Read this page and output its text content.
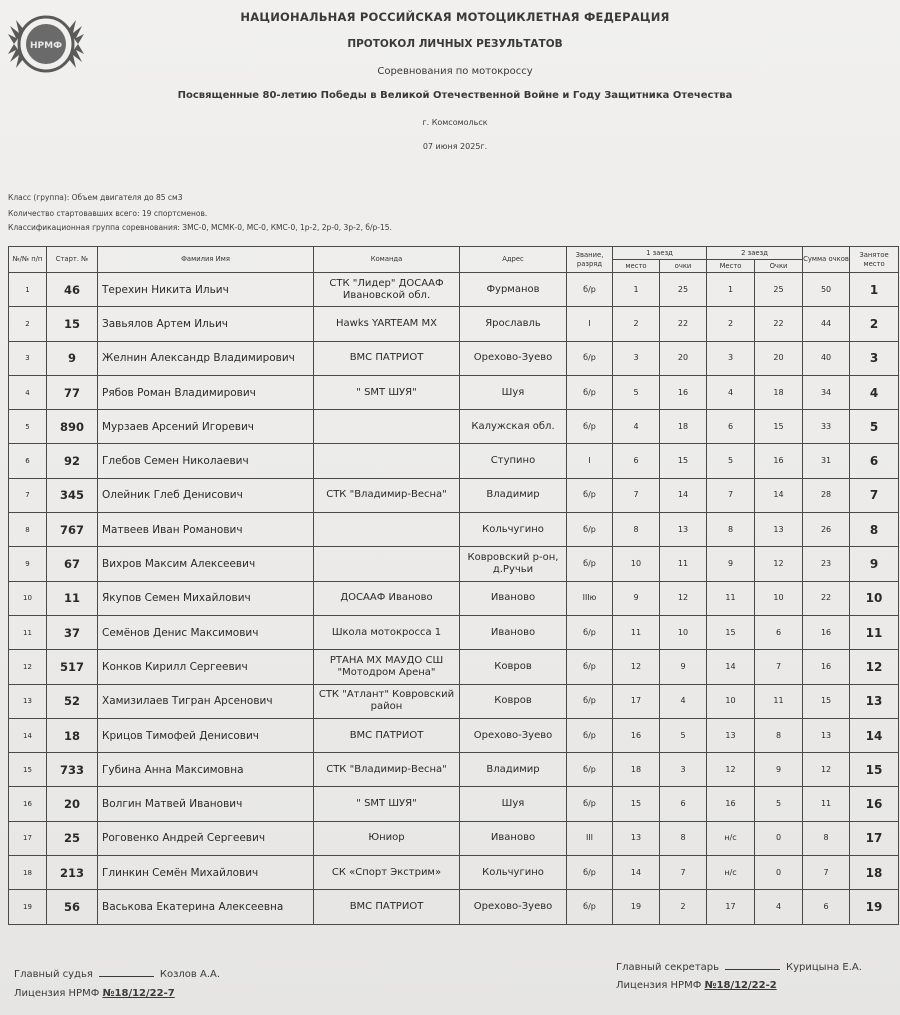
НРМФ
НАЦИОНАЛЬНАЯ РОССИЙСКАЯ МОТОЦИКЛЕТНАЯ ФЕДЕРАЦИЯ
ПРОТОКОЛ ЛИЧНЫХ РЕЗУЛЬТАТОВ
Соревнования по мотокроссу
Посвященные 80-летию Победы в Великой Отечественной Войне и Году Защитника Отечества
г. Комсомольск
07 июня 2025г.
Класс (группа): Объем двигателя до 85 см3
Количество стартовавших всего: 19 спортсменов.
Классификационная группа соревнования: ЗМС-0, МСМК-0, МС-0, КМС-0, 1р-2, 2р-0, 3р-2, б/р-15.
№/№ п/п	Старт. №	Фамилия Имя	Команда	Адрес	Звание, разряд	1 заезд		2 заезд		Сумма очков	Занятое место
						место	очки	Место	Очки		
1	46	Терехин Никита Ильич	СТК "Лидер" ДОСААФ Ивановской обл.	Фурманов	б/р	1	25	1	25	50	1
2	15	Завьялов Артем Ильич	Hawks YARTEAM MX	Ярославль	I	2	22	2	22	44	2
3	9	Желнин Александр Владимирович	ВМС ПАТРИОТ	Орехово-Зуево	б/р	3	20	3	20	40	3
4	77	Рябов Роман Владимирович	" SMT ШУЯ"	Шуя	б/р	5	16	4	18	34	4
5	890	Мурзаев Арсений Игоревич		Калужская обл.	б/р	4	18	6	15	33	5
6	92	Глебов Семен Николаевич		Ступино	I	6	15	5	16	31	6
7	345	Олейник Глеб Денисович	СТК "Владимир-Весна"	Владимир	б/р	7	14	7	14	28	7
8	767	Матвеев Иван Романович		Кольчугино	б/р	8	13	8	13	26	8
9	67	Вихров Максим Алексеевич		Ковровский р-он, д.Ручьи	б/р	10	11	9	12	23	9
10	11	Якупов Семен Михайлович	ДОСААФ Иваново	Иваново	IIIю	9	12	11	10	22	10
11	37	Семёнов Денис Максимович	Школа мотокросса 1	Иваново	б/р	11	10	15	6	16	11
12	517	Конков Кирилл Сергеевич	РТАНА МХ МАУДО СШ "Мотодром Арена"	Ковров	б/р	12	9	14	7	16	12
13	52	Хамизилаев Тигран Арсенович	СТК "Атлант" Ковровский район	Ковров	б/р	17	4	10	11	15	13
14	18	Крицов Тимофей Денисович	ВМС ПАТРИОТ	Орехово-Зуево	б/р	16	5	13	8	13	14
15	733	Губина Анна Максимовна	СТК "Владимир-Весна"	Владимир	б/р	18	3	12	9	12	15
16	20	Волгин Матвей Иванович	" SMT ШУЯ"	Шуя	б/р	15	6	16	5	11	16
17	25	Роговенко Андрей Сергеевич	Юниор	Иваново	III	13	8	н/с	0	8	17
18	213	Глинкин Семён Михайлович	СК «Спорт Экстрим»	Кольчугино	б/р	14	7	н/с	0	7	18
19	56	Васькова Екатерина Алексеевна	ВМС ПАТРИОТ	Орехово-Зуево	б/р	19	2	17	4	6	19
Главный судья	Козлов А.А.
Лицензия НРМФ №18/12/22-7
Главный секретарь	Курицына Е.А.
Лицензия НРМФ №18/12/22-2
